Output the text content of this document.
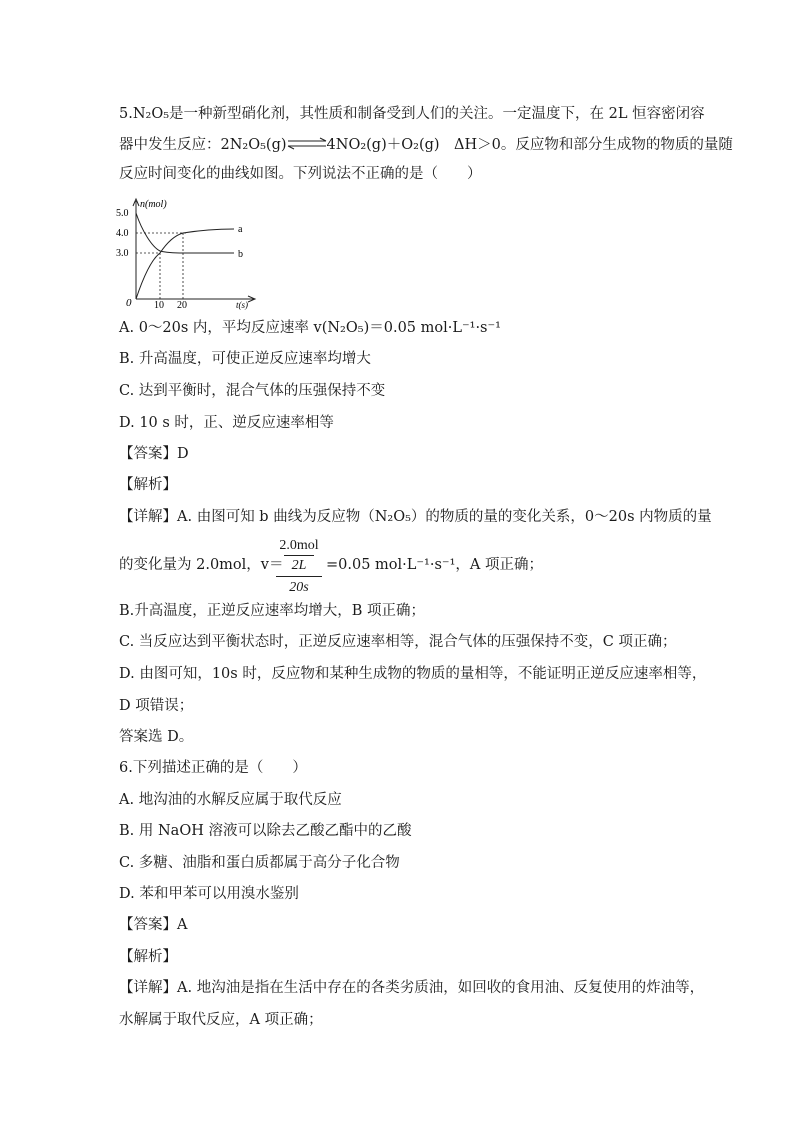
5.N₂O₅是一种新型硝化剂，其性质和制备受到人们的关注。一定温度下，在 2L 恒容密闭容
器中发生反应：2N₂O₅(g)⇌4NO₂(g)＋O₂(g)　ΔH＞0。反应物和部分生成物的物质的量随
反应时间变化的曲线如图。下列说法不正确的是（　　）
n(mol)
5.0
4.0
3.0
0 10 20	t(s)
a
b
A. 0～20s 内，平均反应速率 v(N₂O₅)＝0.05 mol·L⁻¹·s⁻¹
B. 升高温度，可使正逆反应速率均增大
C. 达到平衡时，混合气体的压强保持不变
D. 10 s 时，正、逆反应速率相等
【答案】D
【解析】
【详解】A. 由图可知 b 曲线为反应物（N₂O₅）的物质的量的变化关系，0～20s 内物质的量
的变化量为 2.0mol，v＝
2.0mol
2L
20s
=0.05 mol·L⁻¹·s⁻¹，A 项正确；
B.升高温度，正逆反应速率均增大，B 项正确；
C. 当反应达到平衡状态时，正逆反应速率相等，混合气体的压强保持不变，C 项正确；
D. 由图可知，10s 时，反应物和某种生成物的物质的量相等，不能证明正逆反应速率相等，
D 项错误；
答案选 D。
6.下列描述正确的是（　　）
A. 地沟油的水解反应属于取代反应
B. 用 NaOH 溶液可以除去乙酸乙酯中的乙酸
C. 多糖、油脂和蛋白质都属于高分子化合物
D. 苯和甲苯可以用溴水鉴别
【答案】A
【解析】
【详解】A. 地沟油是指在生活中存在的各类劣质油，如回收的食用油、反复使用的炸油等，
水解属于取代反应，A 项正确；
